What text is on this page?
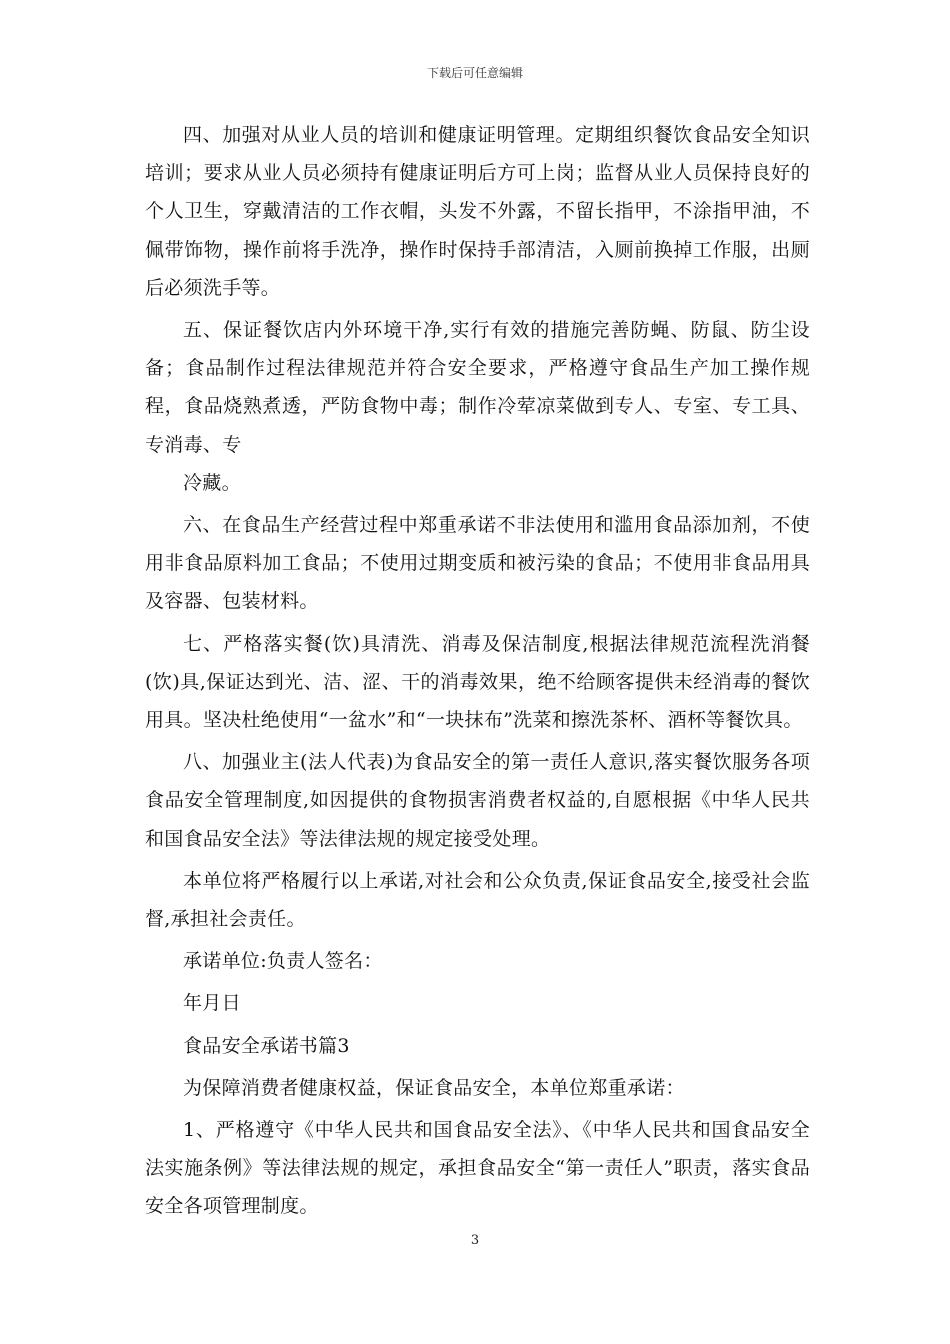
下载后可任意编辑

四、加强对从业人员的培训和健康证明管理。定期组织餐饮食品安全知识培训；要求从业人员必须持有健康证明后方可上岗；监督从业人员保持良好的个人卫生，穿戴清洁的工作衣帽，头发不外露，不留长指甲，不涂指甲油，不佩带饰物，操作前将手洗净，操作时保持手部清洁，入厕前换掉工作服，出厕后必须洗手等。

五、保证餐饮店内外环境干净,实行有效的措施完善防蝇、防鼠、防尘设备；食品制作过程法律规范并符合安全要求，严格遵守食品生产加工操作规程，食品烧熟煮透，严防食物中毒；制作冷荤凉菜做到专人、专室、专工具、专消毒、专

冷藏。

六、在食品生产经营过程中郑重承诺不非法使用和滥用食品添加剂，不使用非食品原料加工食品；不使用过期变质和被污染的食品；不使用非食品用具及容器、包装材料。

七、严格落实餐(饮)具清洗、消毒及保洁制度,根据法律规范流程洗消餐(饮)具,保证达到光、洁、涩、干的消毒效果，绝不给顾客提供未经消毒的餐饮用具。坚决杜绝使用“一盆水”和“一块抹布”洗菜和擦洗茶杯、酒杯等餐饮具。

八、加强业主(法人代表)为食品安全的第一责任人意识,落实餐饮服务各项食品安全管理制度,如因提供的食物损害消费者权益的,自愿根据《中华人民共和国食品安全法》等法律法规的规定接受处理。

本单位将严格履行以上承诺,对社会和公众负责,保证食品安全,接受社会监督,承担社会责任。

承诺单位:负责人签名：

年月日

食品安全承诺书篇3

为保障消费者健康权益，保证食品安全，本单位郑重承诺：

1、严格遵守《中华人民共和国食品安全法》、《中华人民共和国食品安全法实施条例》等法律法规的规定，承担食品安全“第一责任人”职责，落实食品安全各项管理制度。

3
